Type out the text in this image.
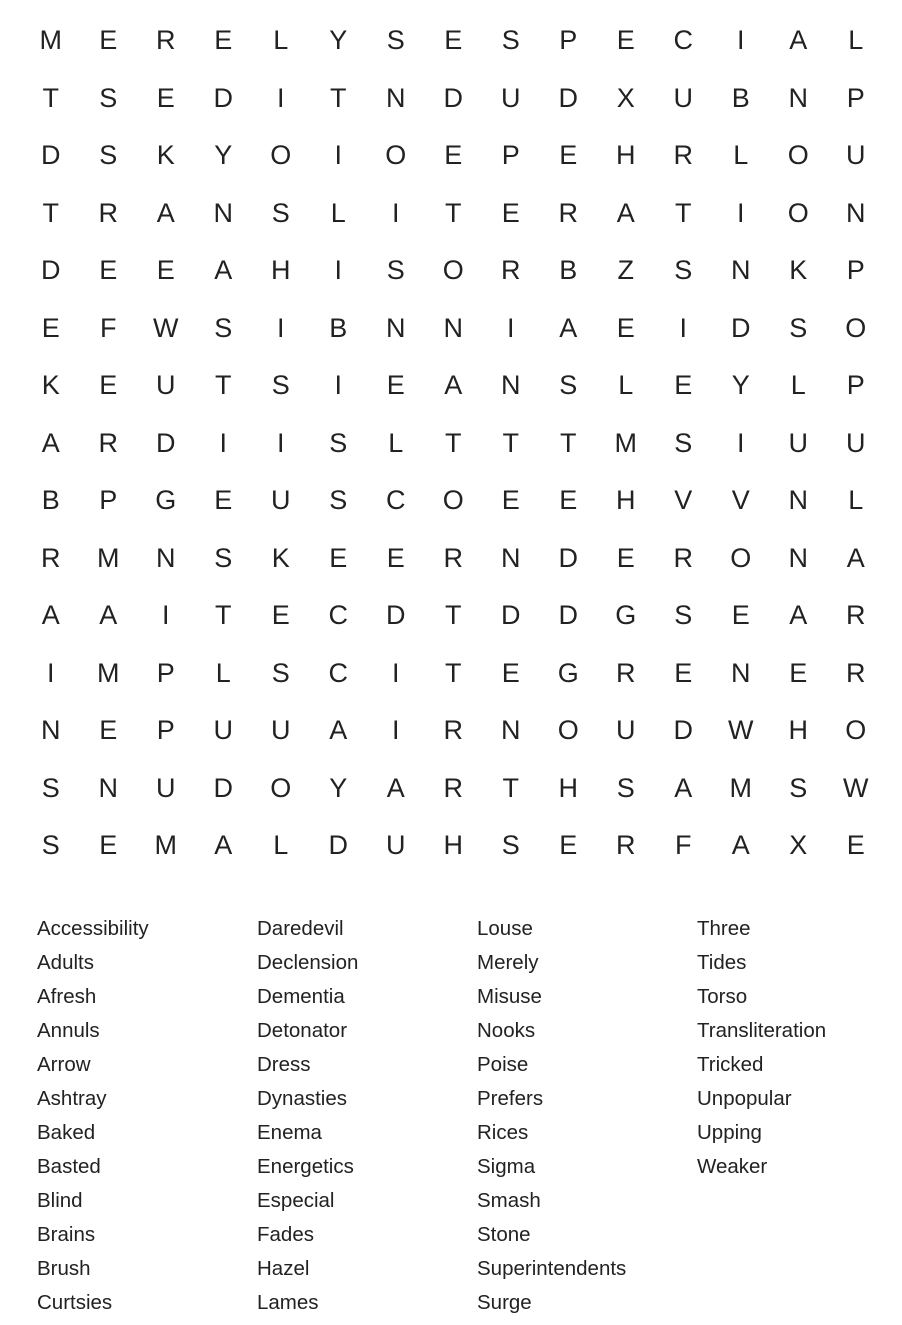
M	E	R	E	L	Y	S	E	S	P	E	C	I	A	L
T	S	E	D	I	T	N	D	U	D	X	U	B	N	P
D	S	K	Y	O	I	O	E	P	E	H	R	L	O	U
T	R	A	N	S	L	I	T	E	R	A	T	I	O	N
D	E	E	A	H	I	S	O	R	B	Z	S	N	K	P
E	F	W	S	I	B	N	N	I	A	E	I	D	S	O
K	E	U	T	S	I	E	A	N	S	L	E	Y	L	P
A	R	D	I	I	S	L	T	T	T	M	S	I	U	U
B	P	G	E	U	S	C	O	E	E	H	V	V	N	L
R	M	N	S	K	E	E	R	N	D	E	R	O	N	A
A	A	I	T	E	C	D	T	D	D	G	S	E	A	R
I	M	P	L	S	C	I	T	E	G	R	E	N	E	R
N	E	P	U	U	A	I	R	N	O	U	D	W	H	O
S	N	U	D	O	Y	A	R	T	H	S	A	M	S	W
S	E	M	A	L	D	U	H	S	E	R	F	A	X	E
Accessibility
Adults
Afresh
Annuls
Arrow
Ashtray
Baked
Basted
Blind
Brains
Brush
Curtsies
Daredevil
Declension
Dementia
Detonator
Dress
Dynasties
Enema
Energetics
Especial
Fades
Hazel
Lames
Louse
Merely
Misuse
Nooks
Poise
Prefers
Rices
Sigma
Smash
Stone
Superintendents
Surge
Three
Tides
Torso
Transliteration
Tricked
Unpopular
Upping
Weaker
